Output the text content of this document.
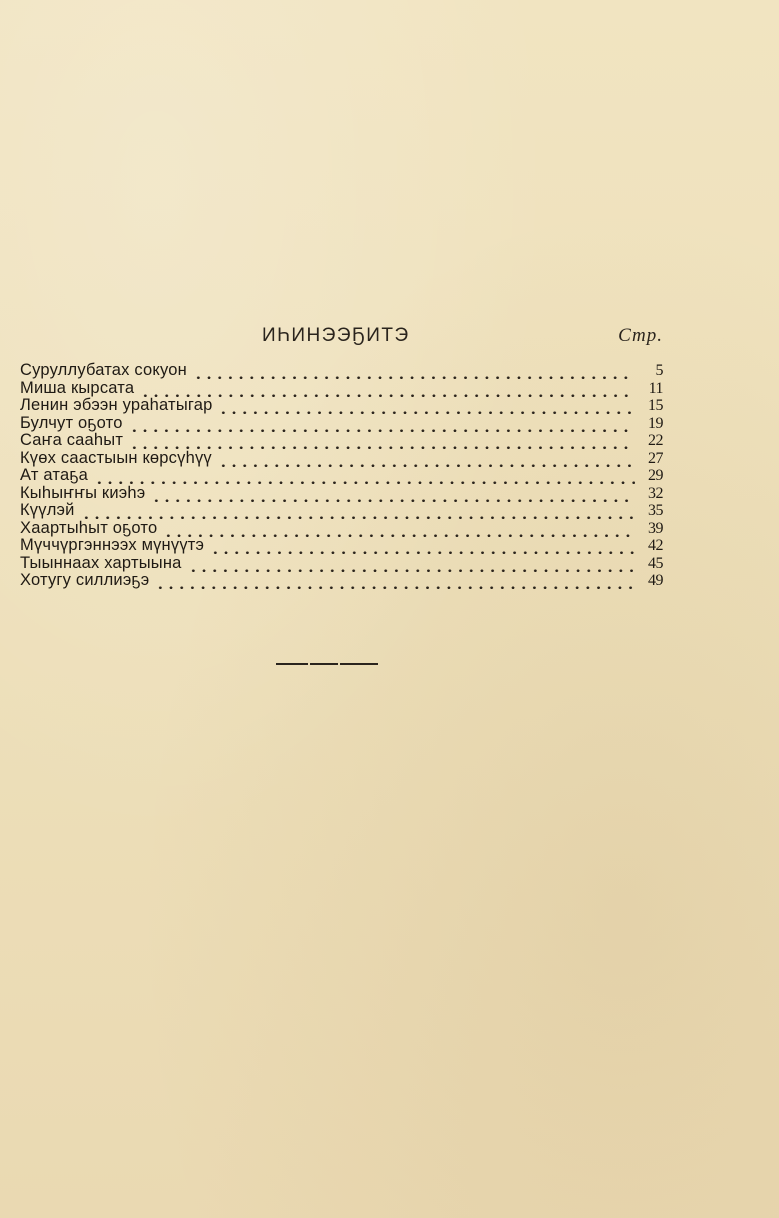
ИҺИНЭЭҔИТЭ	Стр.
Суруллубатах сокуон	5
Миша кырсата	11
Ленин эбээн ураһатыгар	15
Булчут оҕото	19
Саҥа сааһыт	22
Күөх саастыын көрсүһүү	27
Ат атаҕа	29
Кыһыҥҥы киэһэ	32
Күүлэй	35
Хаартыһыт оҕото	39
Мүччүргэннээх мүнүүтэ	42
Тыыннаах хартыына	45
Хотугу силлиэҕэ	49
